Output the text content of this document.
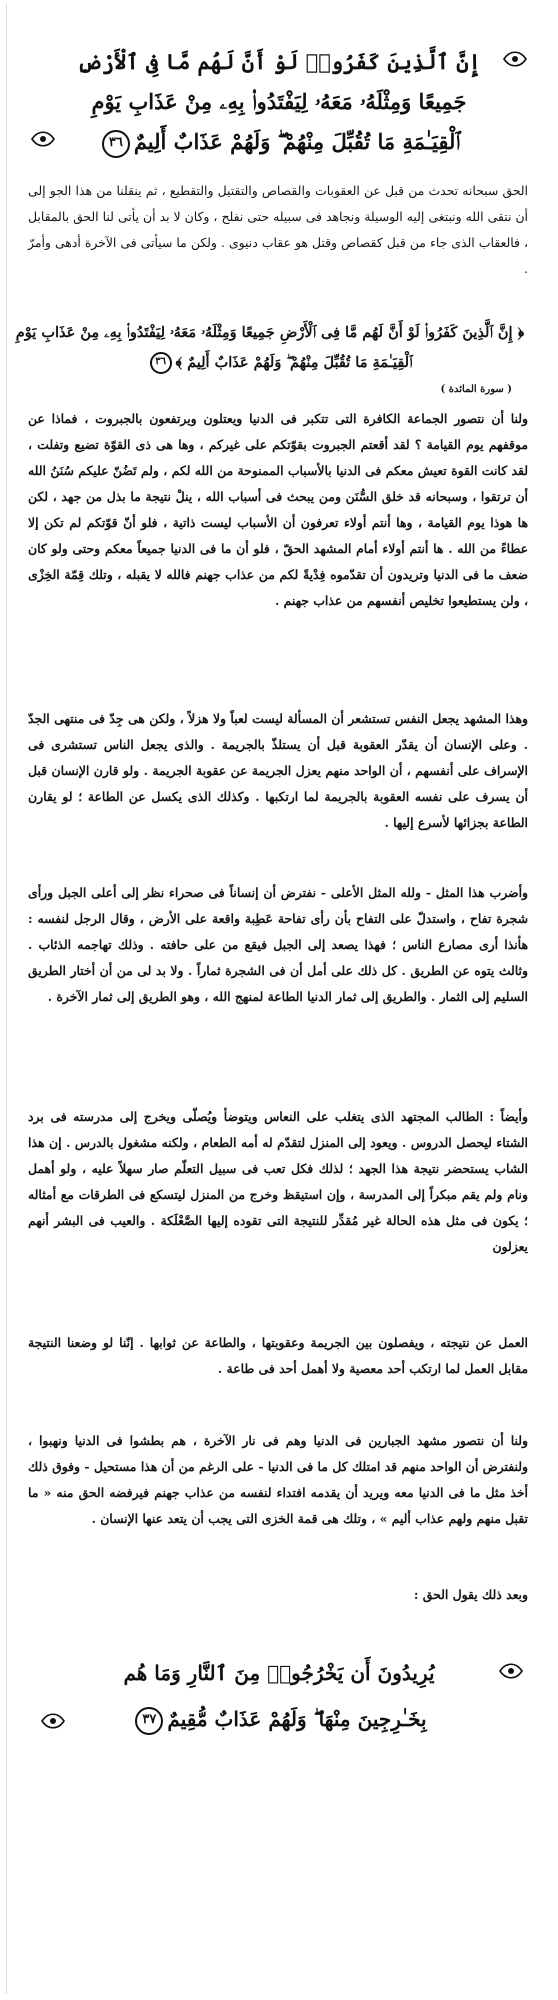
إِنَّ ٱلَّذِينَ كَفَرُوا۟ لَوْ أَنَّ لَهُم مَّا فِى ٱلْأَرْضِ
جَمِيعًا وَمِثْلَهُۥ مَعَهُۥ لِيَفْتَدُوا۟ بِهِۦ مِنْ عَذَابِ يَوْمِ
ٱلْقِيَـٰمَةِ مَا تُقُبِّلَ مِنْهُمْ ۖ وَلَهُمْ عَذَابٌ أَلِيمٌ٣٦
الحق سبحانه تحدث من قبل عن العقوبات والقصاص والتقتيل والتقطيع ، ثم ينقلنا من هذا الجو إلى أن نتقى الله ونبتغى إليه الوسيلة ونجاهد فى سبيله حتى نفلح ، وكان لا بد أن يأتى لنا الحق بالمقابل ، فالعقاب الذى جاء من قبل كقصاص وقتل هو عقاب دنيوى . ولكن ما سيأتى فى الآخرة أدهى وأمرّ .
﴿ إِنَّ ٱلَّذِينَ كَفَرُوا۟ لَوْ أَنَّ لَهُم مَّا فِى ٱلْأَرْضِ جَمِيعًا وَمِثْلَهُۥ مَعَهُۥ لِيَفْتَدُوا۟ بِهِۦ مِنْ عَذَابِ يَوْمِ
ٱلْقِيَـٰمَةِ مَا تُقُبِّلَ مِنْهُمْ ۖ وَلَهُمْ عَذَابٌ أَلِيمٌ ﴾٣٦
( سورة المائدة )
ولنا أن نتصور الجماعة الكافرة التى تتكبر فى الدنيا ويعتلون ويرتفعون بالجبروت ، فماذا عن موقفهم يوم القيامة ؟ لقد أقعتم الجبروت بقوّتكم على غيركم ، وها هى ذى القوّة تضيع وتفلت ، لقد كانت القوة تعيش معكم فى الدنيا بالأسباب الممنوحة من الله لكم ، ولم تَضُنّ عليكم سُنَنُ الله أن ترتقوا ، وسبحانه قد خلق السُّنَن ومن يبحث فى أسباب الله ، ينلْ نتيجة ما بذل من جهد ، لكن ها هوذا يوم القيامة ، وها أنتم أولاء تعرفون أن الأسباب ليست ذاتية ، فلو أنّ قوّتكم لم تكن إلا عطاءً من الله . ها أنتم أولاء أمام المشهد الحقّ ، فلو أن ما فى الدنيا جميعاً معكم وحتى ولو كان ضعف ما فى الدنيا وتريدون أن تقدّموه فِدْيةً لكم من عذاب جهنم فالله لا يقبله ، وتلك قِمّة الخِزْى ، ولن يستطيعوا تخليص أنفسهم من عذاب جهنم .
وهذا المشهد يجعل النفس تستشعر أن المسألة ليست لعباً ولا هزلاً ، ولكن هى جِدّ فى منتهى الجدّ . وعلى الإنسان أن يقدّر العقوبة قبل أن يستلذّ بالجريمة . والذى يجعل الناس تستشرى فى الإسراف على أنفسهم ، أن الواحد منهم يعزل الجريمة عن عقوبة الجريمة . ولو قارن الإنسان قبل أن يسرف على نفسه العقوبة بالجريمة لما ارتكبها . وكذلك الذى يكسل عن الطاعة ؛ لو يقارن الطاعة بجزائها لأسرع إليها .
وأضرب هذا المثل - ولله المثل الأعلى - نفترض أن إنساناً فى صحراء نظر إلى أعلى الجبل ورأى شجرة تفاح ، واستدلّ على التفاح بأن رأى تفاحة عَطِبة واقعة على الأرض ، وقال الرجل لنفسه : هأنذا أرى مصارع الناس ؛ فهذا يصعد إلى الجبل فيقع من على حافته . وذلك تهاجمه الذئاب . وثالث يتوه عن الطريق . كل ذلك على أمل أن فى الشجرة ثماراً . ولا بد لى من أن أختار الطريق السليم إلى الثمار . والطريق إلى ثمار الدنيا الطاعة لمنهج الله ، وهو الطريق إلى ثمار الآخرة .
وأيضاً : الطالب المجتهد الذى يتغلب على النعاس ويتوضأ ويُصلّى ويخرج إلى مدرسته فى برد الشتاء ليحصل الدروس . ويعود إلى المنزل لتقدّم له أمه الطعام ، ولكنه مشغول بالدرس . إن هذا الشاب يستحضر نتيجة هذا الجهد ؛ لذلك فكل تعب فى سبيل التعلّم صار سهلاً عليه ، ولو أهمل ونام ولم يقم مبكراً إلى المدرسة ، وإن استيقظ وخرج من المنزل ليتسكع فى الطرقات مع أمثاله ؛ يكون فى مثل هذه الحالة غير مُقدِّر للنتيجة التى تقوده إليها الصَّعْلَكة . والعيب فى البشر أنهم يعزلون
العمل عن نتيجته ، ويفصلون بين الجريمة وعقوبتها ، والطاعة عن ثوابها . إنّنا لو وضعنا النتيجة مقابل العمل لما ارتكب أحد معصية ولا أهمل أحد فى طاعة .
ولنا أن نتصور مشهد الجبارين فى الدنيا وهم فى نار الآخرة ، هم بطشوا فى الدنيا ونهبوا ، ولنفترض أن الواحد منهم قد امتلك كل ما فى الدنيا - على الرغم من أن هذا مستحيل - وفوق ذلك أخذ مثل ما فى الدنيا معه ويريد أن يقدمه افتداء لنفسه من عذاب جهنم فيرفضه الحق منه « ما تقبل منهم ولهم عذاب أليم » ، وتلك هى قمة الخزى التى يجب أن يتعد عنها الإنسان .
وبعد ذلك يقول الحق :
يُرِيدُونَ أَن يَخْرُجُوا۟ مِنَ ٱلنَّارِ وَمَا هُم
بِخَـٰرِجِينَ مِنْهَا ۖ وَلَهُمْ عَذَابٌ مُّقِيمٌ٣٧
